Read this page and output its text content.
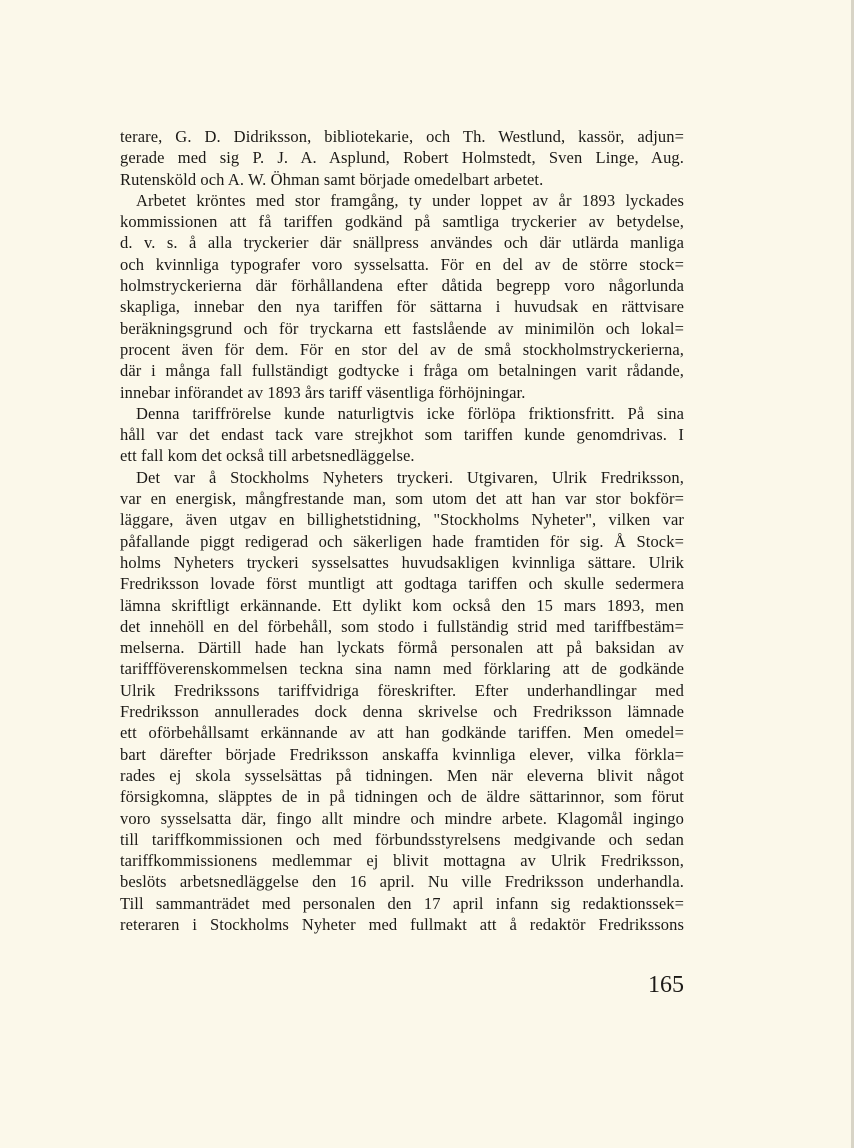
terare, G. D. Didriksson, bibliotekarie, och Th. Westlund, kassör, adjun=
gerade med sig P. J. A. Asplund, Robert Holmstedt, Sven Linge, Aug.
Rutensköld och A. W. Öhman samt började omedelbart arbetet.
Arbetet kröntes med stor framgång, ty under loppet av år 1893 lyckades
kommissionen att få tariffen godkänd på samtliga tryckerier av betydelse,
d. v. s. å alla tryckerier där snällpress användes och där utlärda manliga
och kvinnliga typografer voro sysselsatta. För en del av de större stock=
holmstryckerierna där förhållandena efter dåtida begrepp voro någorlunda
skapliga, innebar den nya tariffen för sättarna i huvudsak en rättvisare
beräkningsgrund och för tryckarna ett fastslående av minimilön och lokal=
procent även för dem. För en stor del av de små stockholmstryckerierna,
där i många fall fullständigt godtycke i fråga om betalningen varit rådande,
innebar införandet av 1893 års tariff väsentliga förhöjningar.
Denna tariffrörelse kunde naturligtvis icke förlöpa friktionsfritt. På sina
håll var det endast tack vare strejkhot som tariffen kunde genomdrivas. I
ett fall kom det också till arbetsnedläggelse.
Det var å Stockholms Nyheters tryckeri. Utgivaren, Ulrik Fredriksson,
var en energisk, mångfrestande man, som utom det att han var stor bokför=
läggare, även utgav en billighetstidning, "Stockholms Nyheter", vilken var
påfallande piggt redigerad och säkerligen hade framtiden för sig. Å Stock=
holms Nyheters tryckeri sysselsattes huvudsakligen kvinnliga sättare. Ulrik
Fredriksson lovade först muntligt att godtaga tariffen och skulle sedermera
lämna skriftligt erkännande. Ett dylikt kom också den 15 mars 1893, men
det innehöll en del förbehåll, som stodo i fullständig strid med tariffbestäm=
melserna. Därtill hade han lyckats förmå personalen att på baksidan av
tariffföverenskommelsen teckna sina namn med förklaring att de godkände
Ulrik Fredrikssons tariffvidriga föreskrifter. Efter underhandlingar med
Fredriksson annullerades dock denna skrivelse och Fredriksson lämnade
ett oförbehållsamt erkännande av att han godkände tariffen. Men omedel=
bart därefter började Fredriksson anskaffa kvinnliga elever, vilka förkla=
rades ej skola sysselsättas på tidningen. Men när eleverna blivit något
försigkomna, släpptes de in på tidningen och de äldre sättarinnor, som förut
voro sysselsatta där, fingo allt mindre och mindre arbete. Klagomål ingingo
till tariffkommissionen och med förbundsstyrelsens medgivande och sedan
tariffkommissionens medlemmar ej blivit mottagna av Ulrik Fredriksson,
beslöts arbetsnedläggelse den 16 april. Nu ville Fredriksson underhandla.
Till sammanträdet med personalen den 17 april infann sig redaktionssek=
reteraren i Stockholms Nyheter med fullmakt att å redaktör Fredrikssons
165
